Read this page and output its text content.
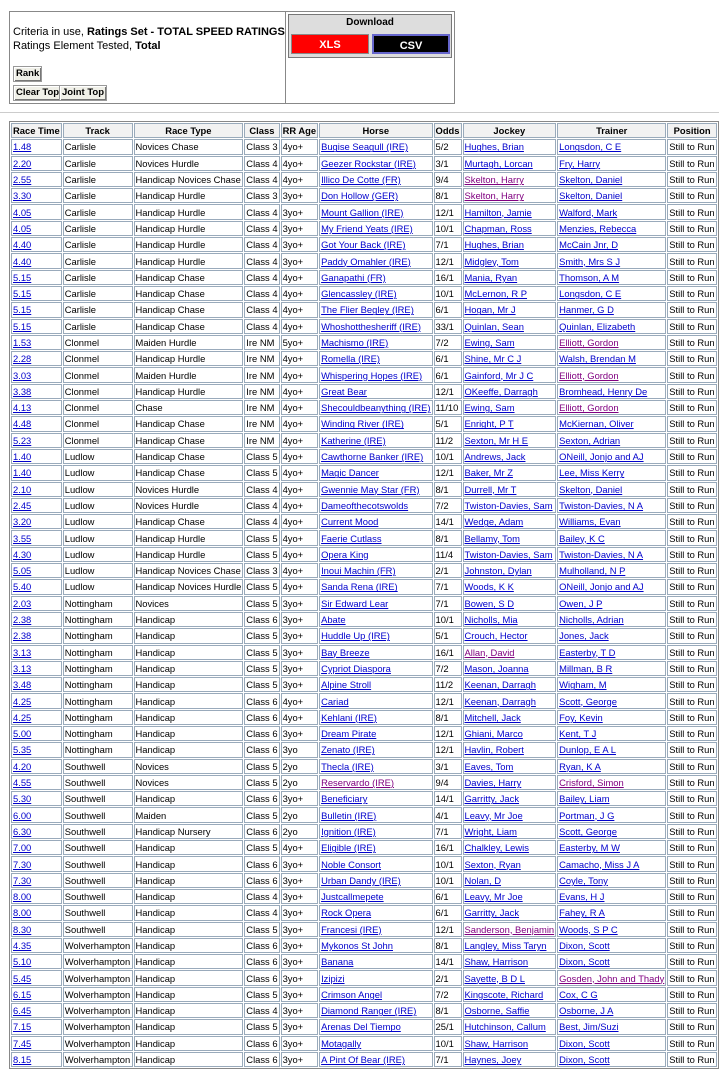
Criteria in use, Ratings Set - TOTAL SPEED RATINGS
Ratings Element Tested, Total
Rank
Clear Top Joint Top
Download
XLS	CSV
Race Time	Track	Race Type	Class	RR Age	Horse	Odds	Jockey	Trainer	Position
1.48	Carlisle	Novices Chase	Class 3	4yo+	Bugise Seagull (IRE)	5/2	Hughes, Brian	Longsdon, C E	Still to Run
2.20	Carlisle	Novices Hurdle	Class 4	4yo+	Geezer Rockstar (IRE)	3/1	Murtagh, Lorcan	Fry, Harry	Still to Run
2.55	Carlisle	Handicap Novices Chase	Class 4	4yo+	Illico De Cotte (FR)	9/4	Skelton, Harry	Skelton, Daniel	Still to Run
3.30	Carlisle	Handicap Hurdle	Class 3	3yo+	Don Hollow (GER)	8/1	Skelton, Harry	Skelton, Daniel	Still to Run
4.05	Carlisle	Handicap Hurdle	Class 4	3yo+	Mount Gallion (IRE)	12/1	Hamilton, Jamie	Walford, Mark	Still to Run
4.05	Carlisle	Handicap Hurdle	Class 4	3yo+	My Friend Yeats (IRE)	10/1	Chapman, Ross	Menzies, Rebecca	Still to Run
4.40	Carlisle	Handicap Hurdle	Class 4	3yo+	Got Your Back (IRE)	7/1	Hughes, Brian	McCain Jnr, D	Still to Run
4.40	Carlisle	Handicap Hurdle	Class 4	3yo+	Paddy Omahler (IRE)	12/1	Midgley, Tom	Smith, Mrs S J	Still to Run
5.15	Carlisle	Handicap Chase	Class 4	4yo+	Ganapathi (FR)	16/1	Mania, Ryan	Thomson, A M	Still to Run
5.15	Carlisle	Handicap Chase	Class 4	4yo+	Glencassley (IRE)	10/1	McLernon, R P	Longsdon, C E	Still to Run
5.15	Carlisle	Handicap Chase	Class 4	4yo+	The Flier Begley (IRE)	6/1	Hogan, Mr J	Hanmer, G D	Still to Run
5.15	Carlisle	Handicap Chase	Class 4	4yo+	Whoshotthesheriff (IRE)	33/1	Quinlan, Sean	Quinlan, Elizabeth	Still to Run
1.53	Clonmel	Maiden Hurdle	Ire NM	5yo+	Machismo (IRE)	7/2	Ewing, Sam	Elliott, Gordon	Still to Run
2.28	Clonmel	Handicap Hurdle	Ire NM	4yo+	Romella (IRE)	6/1	Shine, Mr C J	Walsh, Brendan M	Still to Run
3.03	Clonmel	Maiden Hurdle	Ire NM	4yo+	Whispering Hopes (IRE)	6/1	Gainford, Mr J C	Elliott, Gordon	Still to Run
3.38	Clonmel	Handicap Hurdle	Ire NM	4yo+	Great Bear	12/1	OKeeffe, Darragh	Bromhead, Henry De	Still to Run
4.13	Clonmel	Chase	Ire NM	4yo+	Shecouldbeanything (IRE)	11/10	Ewing, Sam	Elliott, Gordon	Still to Run
4.48	Clonmel	Handicap Chase	Ire NM	4yo+	Winding River (IRE)	5/1	Enright, P T	McKiernan, Oliver	Still to Run
5.23	Clonmel	Handicap Chase	Ire NM	4yo+	Katherine (IRE)	11/2	Sexton, Mr H E	Sexton, Adrian	Still to Run
1.40	Ludlow	Handicap Chase	Class 5	4yo+	Cawthorne Banker (IRE)	10/1	Andrews, Jack	ONeill, Jonjo and AJ	Still to Run
1.40	Ludlow	Handicap Chase	Class 5	4yo+	Magic Dancer	12/1	Baker, Mr Z	Lee, Miss Kerry	Still to Run
2.10	Ludlow	Novices Hurdle	Class 4	4yo+	Gwennie May Star (FR)	8/1	Durrell, Mr T	Skelton, Daniel	Still to Run
2.45	Ludlow	Novices Hurdle	Class 4	4yo+	Dameofthecotswolds	7/2	Twiston-Davies, Sam	Twiston-Davies, N A	Still to Run
3.20	Ludlow	Handicap Chase	Class 4	4yo+	Current Mood	14/1	Wedge, Adam	Williams, Evan	Still to Run
3.55	Ludlow	Handicap Hurdle	Class 5	4yo+	Faerie Cutlass	8/1	Bellamy, Tom	Bailey, K C	Still to Run
4.30	Ludlow	Handicap Hurdle	Class 5	4yo+	Opera King	11/4	Twiston-Davies, Sam	Twiston-Davies, N A	Still to Run
5.05	Ludlow	Handicap Novices Chase	Class 3	4yo+	Inoui Machin (FR)	2/1	Johnston, Dylan	Mulholland, N P	Still to Run
5.40	Ludlow	Handicap Novices Hurdle	Class 5	4yo+	Sanda Rena (IRE)	7/1	Woods, K K	ONeill, Jonjo and AJ	Still to Run
2.03	Nottingham	Novices	Class 5	3yo+	Sir Edward Lear	7/1	Bowen, S D	Owen, J P	Still to Run
2.38	Nottingham	Handicap	Class 6	3yo+	Abate	10/1	Nicholls, Mia	Nicholls, Adrian	Still to Run
2.38	Nottingham	Handicap	Class 5	3yo+	Huddle Up (IRE)	5/1	Crouch, Hector	Jones, Jack	Still to Run
3.13	Nottingham	Handicap	Class 5	3yo+	Bay Breeze	16/1	Allan, David	Easterby, T D	Still to Run
3.13	Nottingham	Handicap	Class 5	3yo+	Cypriot Diaspora	7/2	Mason, Joanna	Millman, B R	Still to Run
3.48	Nottingham	Handicap	Class 5	3yo+	Alpine Stroll	11/2	Keenan, Darragh	Wigham, M	Still to Run
4.25	Nottingham	Handicap	Class 6	4yo+	Cariad	12/1	Keenan, Darragh	Scott, George	Still to Run
4.25	Nottingham	Handicap	Class 6	4yo+	Kehlani (IRE)	8/1	Mitchell, Jack	Foy, Kevin	Still to Run
5.00	Nottingham	Handicap	Class 6	3yo+	Dream Pirate	12/1	Ghiani, Marco	Kent, T J	Still to Run
5.35	Nottingham	Handicap	Class 6	3yo	Zenato (IRE)	12/1	Havlin, Robert	Dunlop, E A L	Still to Run
4.20	Southwell	Novices	Class 5	2yo	Thecla (IRE)	3/1	Eaves, Tom	Ryan, K A	Still to Run
4.55	Southwell	Novices	Class 5	2yo	Reservardo (IRE)	9/4	Davies, Harry	Crisford, Simon	Still to Run
5.30	Southwell	Handicap	Class 6	3yo+	Beneficiary	14/1	Garritty, Jack	Bailey, Liam	Still to Run
6.00	Southwell	Maiden	Class 5	2yo	Bulletin (IRE)	4/1	Leavy, Mr Joe	Portman, J G	Still to Run
6.30	Southwell	Handicap Nursery	Class 6	2yo	Ignition (IRE)	7/1	Wright, Liam	Scott, George	Still to Run
7.00	Southwell	Handicap	Class 5	4yo+	Eligible (IRE)	16/1	Chalkley, Lewis	Easterby, M W	Still to Run
7.30	Southwell	Handicap	Class 6	3yo+	Noble Consort	10/1	Sexton, Ryan	Camacho, Miss J A	Still to Run
7.30	Southwell	Handicap	Class 6	3yo+	Urban Dandy (IRE)	10/1	Nolan, D	Coyle, Tony	Still to Run
8.00	Southwell	Handicap	Class 4	3yo+	Justcallmepete	6/1	Leavy, Mr Joe	Evans, H J	Still to Run
8.00	Southwell	Handicap	Class 4	3yo+	Rock Opera	6/1	Garritty, Jack	Fahey, R A	Still to Run
8.30	Southwell	Handicap	Class 5	3yo+	Francesi (IRE)	12/1	Sanderson, Benjamin	Woods, S P C	Still to Run
4.35	Wolverhampton	Handicap	Class 6	3yo+	Mykonos St John	8/1	Langley, Miss Taryn	Dixon, Scott	Still to Run
5.10	Wolverhampton	Handicap	Class 6	3yo+	Banana	14/1	Shaw, Harrison	Dixon, Scott	Still to Run
5.45	Wolverhampton	Handicap	Class 6	3yo+	Izipizi	2/1	Sayette, B D L	Gosden, John and Thady	Still to Run
6.15	Wolverhampton	Handicap	Class 5	3yo+	Crimson Angel	7/2	Kingscote, Richard	Cox, C G	Still to Run
6.45	Wolverhampton	Handicap	Class 4	3yo+	Diamond Ranger (IRE)	8/1	Osborne, Saffie	Osborne, J A	Still to Run
7.15	Wolverhampton	Handicap	Class 5	3yo+	Arenas Del Tiempo	25/1	Hutchinson, Callum	Best, Jim/Suzi	Still to Run
7.45	Wolverhampton	Handicap	Class 6	3yo+	Motagally	10/1	Shaw, Harrison	Dixon, Scott	Still to Run
8.15	Wolverhampton	Handicap	Class 6	3yo+	A Pint Of Bear (IRE)	7/1	Haynes, Joey	Dixon, Scott	Still to Run
